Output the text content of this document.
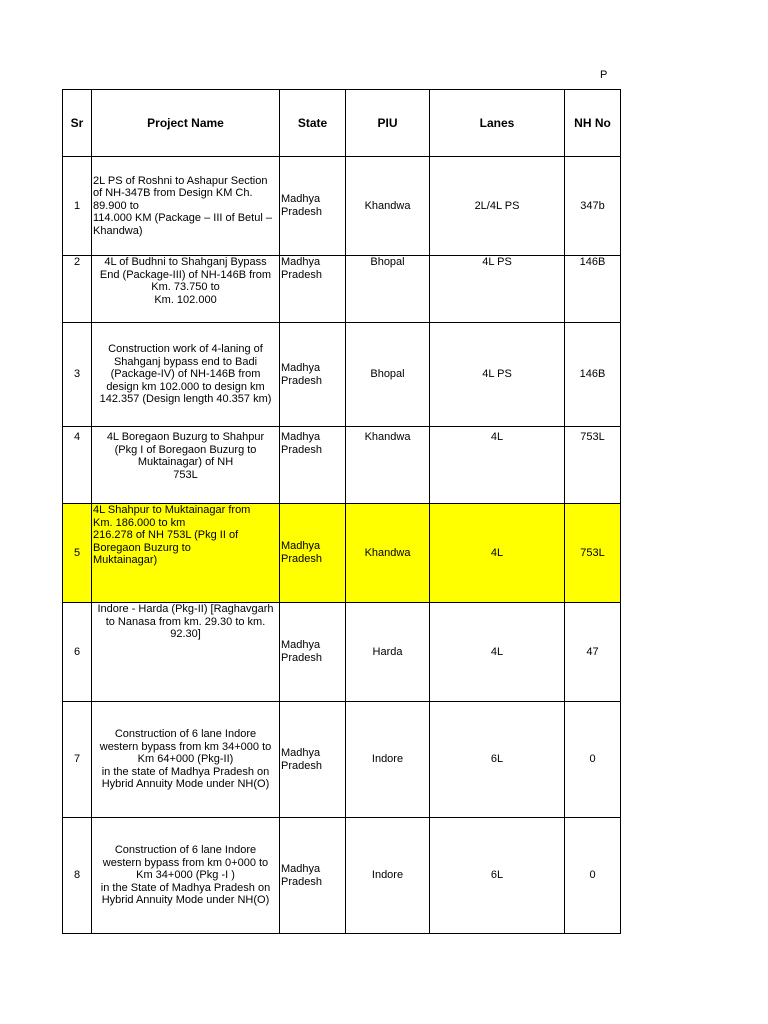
P
Sr	Project Name	State	PIU	Lanes	NH No

1	2L PS of Roshni to Ashapur Section
of NH-347B from Design KM Ch.
89.900 to
114.000 KM (Package – III of Betul –
Khandwa)	Madhya
Pradesh	Khandwa	2L/4L PS	347b

2	4L of Budhni to Shahganj Bypass
End (Package-III) of NH-146B from
Km. 73.750 to
Km. 102.000	Madhya
Pradesh	Bhopal	4L PS	146B

3	Construction work of 4-laning of
Shahganj bypass end to Badi
(Package-IV) of NH-146B from
design km 102.000 to design km
142.357 (Design length 40.357 km)	Madhya
Pradesh	Bhopal	4L PS	146B

4	4L Boregaon Buzurg to Shahpur
(Pkg I of Boregaon Buzurg to
Muktainagar) of NH
753L	Madhya
Pradesh	Khandwa	4L	753L

5	4L Shahpur to Muktainagar from
Km. 186.000 to km
216.278 of NH 753L (Pkg II of
Boregaon Buzurg to
Muktainagar)	Madhya
Pradesh	Khandwa	4L	753L

6	Indore - Harda (Pkg-II) [Raghavgarh
to Nanasa from km. 29.30 to km.
92.30]	Madhya
Pradesh	Harda	4L	47

7	Construction of 6 lane Indore
western bypass from km 34+000 to
Km 64+000 (Pkg-II)
in the state of Madhya Pradesh on
Hybrid Annuity Mode under NH(O)	Madhya
Pradesh	Indore	6L	0

8	Construction of 6 lane Indore
western bypass from km 0+000 to
Km 34+000 (Pkg -I )
in the State of Madhya Pradesh on
Hybrid Annuity Mode under NH(O)	Madhya
Pradesh	Indore	6L	0
